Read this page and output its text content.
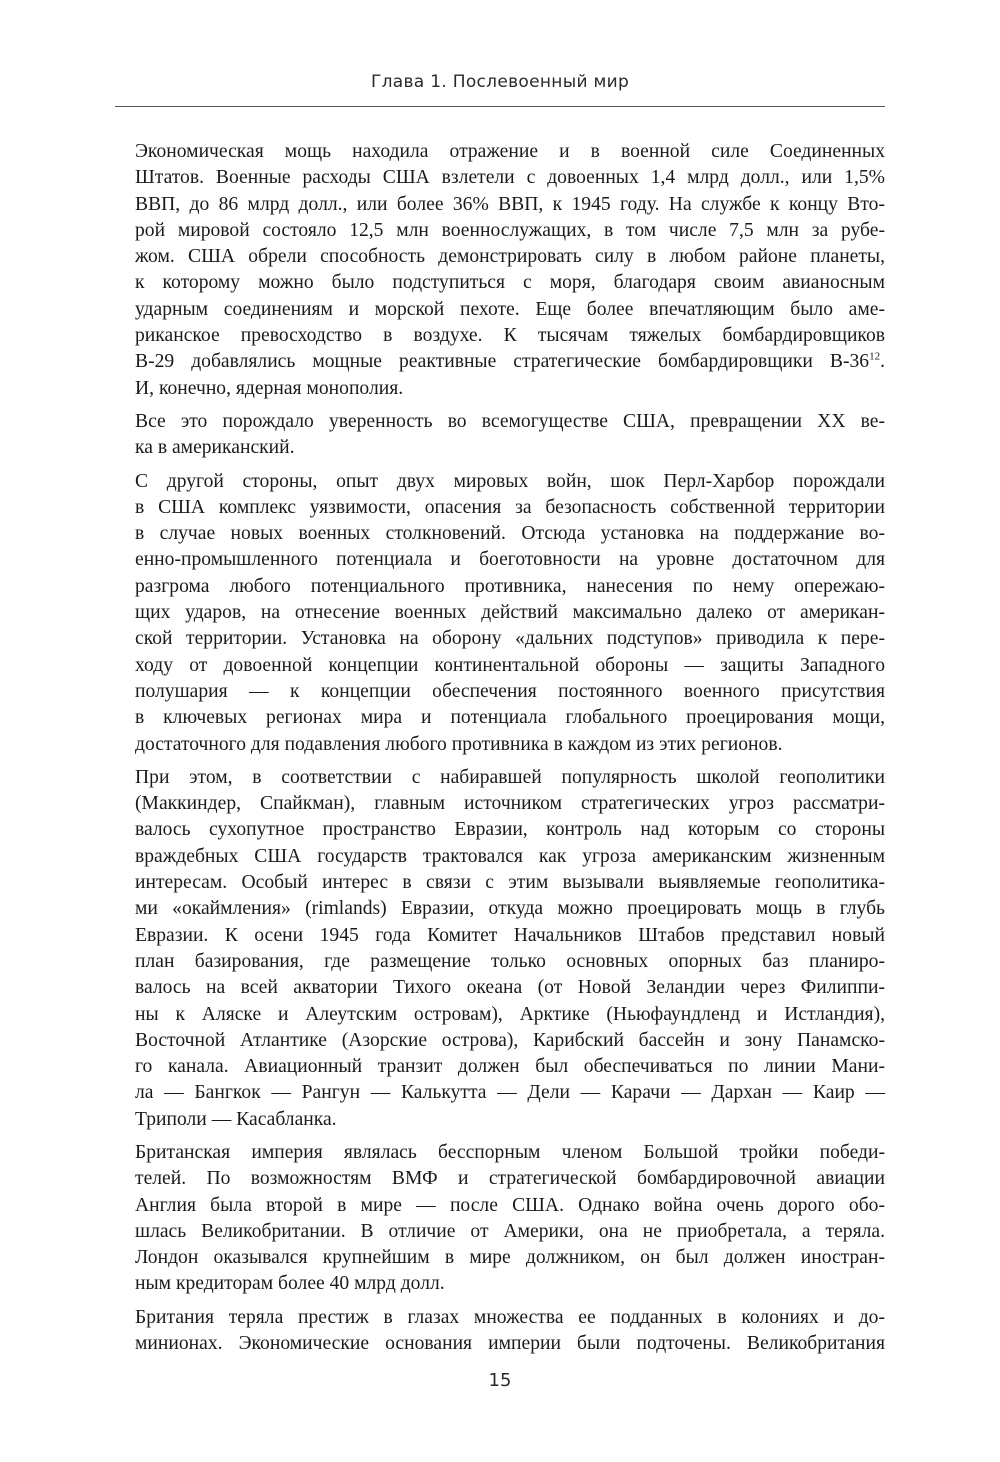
Глава 1. Послевоенный мир

Экономическая мощь находила отражение и в военной силе Соединенных
Штатов. Военные расходы США взлетели с довоенных 1,4 млрд долл., или 1,5%
ВВП, до 86 млрд долл., или более 36% ВВП, к 1945 году. На службе к концу Вто-
рой мировой состояло 12,5 млн военнослужащих, в том числе 7,5 млн за рубе-
жом. США обрели способность демонстрировать силу в любом районе планеты,
к которому можно было подступиться с моря, благодаря своим авианосным
ударным соединениям и морской пехоте. Еще более впечатляющим было аме-
риканское превосходство в воздухе. К тысячам тяжелых бомбардировщиков
B-29 добавлялись мощные реактивные стратегические бомбардировщики $B-36^{12}$.
И, конечно, ядерная монополия.

Все это порождало уверенность во всемогуществе США, превращении XX ве-
ка в американский.

С другой стороны, опыт двух мировых войн, шок Перл-Харбор порождали
в США комплекс уязвимости, опасения за безопасность собственной территории
в случае новых военных столкновений. Отсюда установка на поддержание во-
енно-промышленного потенциала и боеготовности на уровне достаточном для
разгрома любого потенциального противника, нанесения по нему опережаю-
щих ударов, на отнесение военных действий максимально далеко от американ-
ской территории. Установка на оборону «дальних подступов» приводила к пере-
ходу от довоенной концепции континентальной обороны — защиты Западного
полушария — к концепции обеспечения постоянного военного присутствия
в ключевых регионах мира и потенциала глобального проецирования мощи,
достаточного для подавления любого противника в каждом из этих регионов.

При этом, в соответствии с набиравшей популярность школой геополитики
(Маккиндер, Спайкман), главным источником стратегических угроз рассматри-
валось сухопутное пространство Евразии, контроль над которым со стороны
враждебных США государств трактовался как угроза американским жизненным
интересам. Особый интерес в связи с этим вызывали выявляемые геополитика-
ми «окаймления» (rimlands) Евразии, откуда можно проецировать мощь в глубь
Евразии. К осени 1945 года Комитет Начальников Штабов представил новый
план базирования, где размещение только основных опорных баз планиро-
валось на всей акватории Тихого океана (от Новой Зеландии через Филиппи-
ны к Аляске и Алеутским островам), Арктике (Ньюфаундленд и Истландия),
Восточной Атлантике (Азорские острова), Карибский бассейн и зону Панамско-
го канала. Авиационный транзит должен был обеспечиваться по линии Мани-
ла — Бангкок — Рангун — Калькутта — Дели — Карачи — Дархан — Каир —
Триполи — Касабланка.

Британская империя являлась бесспорным членом Большой тройки победи-
телей. По возможностям ВМФ и стратегической бомбардировочной авиации
Англия была второй в мире — после США. Однако война очень дорого обо-
шлась Великобритании. В отличие от Америки, она не приобретала, а теряла.
Лондон оказывался крупнейшим в мире должником, он был должен иностран-
ным кредиторам более 40 млрд долл.

Британия теряла престиж в глазах множества ее подданных в колониях и до-
минионах. Экономические основания империи были подточены. Великобритания

15
